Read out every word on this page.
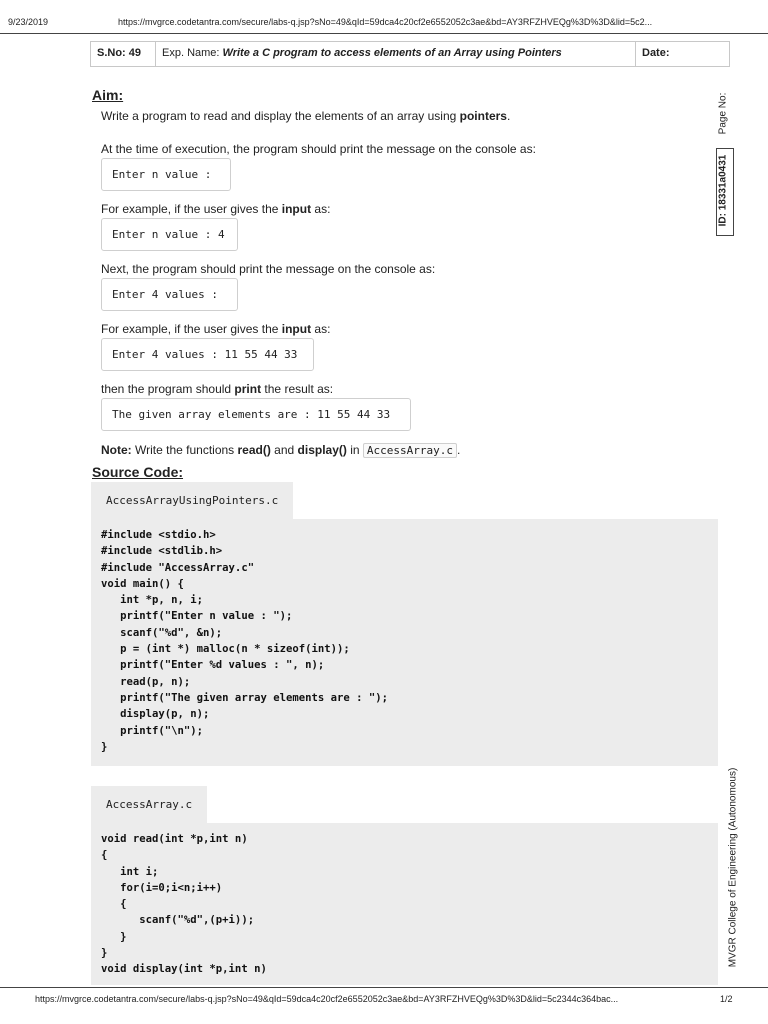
9/23/2019	https://mvgrce.codetantra.com/secure/labs-q.jsp?sNo=49&qId=59dca4c20cf2e6552052c3ae&bd=AY3RFZHVEQg%3D%3D&lid=5c2...
S.No: 49	Exp. Name: Write a C program to access elements of an Array using Pointers	Date:
Aim:
Write a program to read and display the elements of an array using pointers.
At the time of execution, the program should print the message on the console as:
Enter n value :
For example, if the user gives the input as:
Enter n value : 4
Next, the program should print the message on the console as:
Enter 4 values :
For example, if the user gives the input as:
Enter 4 values : 11 55 44 33
then the program should print the result as:
The given array elements are : 11 55 44 33
Note: Write the functions read() and display() in AccessArray.c .
Source Code:
AccessArrayUsingPointers.c
#include <stdio.h>
#include <stdlib.h>
#include "AccessArray.c"
void main() {
int *p, n, i;
printf("Enter n value : ");
scanf("%d", &n);
p = (int *) malloc(n * sizeof(int));
printf("Enter %d values : ", n);
read(p, n);
printf("The given array elements are : ");
display(p, n);
printf("\n");
}
AccessArray.c
void read(int *p,int n)
{
int i;
for(i=0;i<n;i++)
{
scanf("%d",(p+i));
}
}
void display(int *p,int n)
Page No:
ID: 18331a0431
MVGR College of Engineering (Autonomous)
https://mvgrce.codetantra.com/secure/labs-q.jsp?sNo=49&qId=59dca4c20cf2e6552052c3ae&bd=AY3RFZHVEQg%3D%3D&lid=5c2344c364bac...	1/2
